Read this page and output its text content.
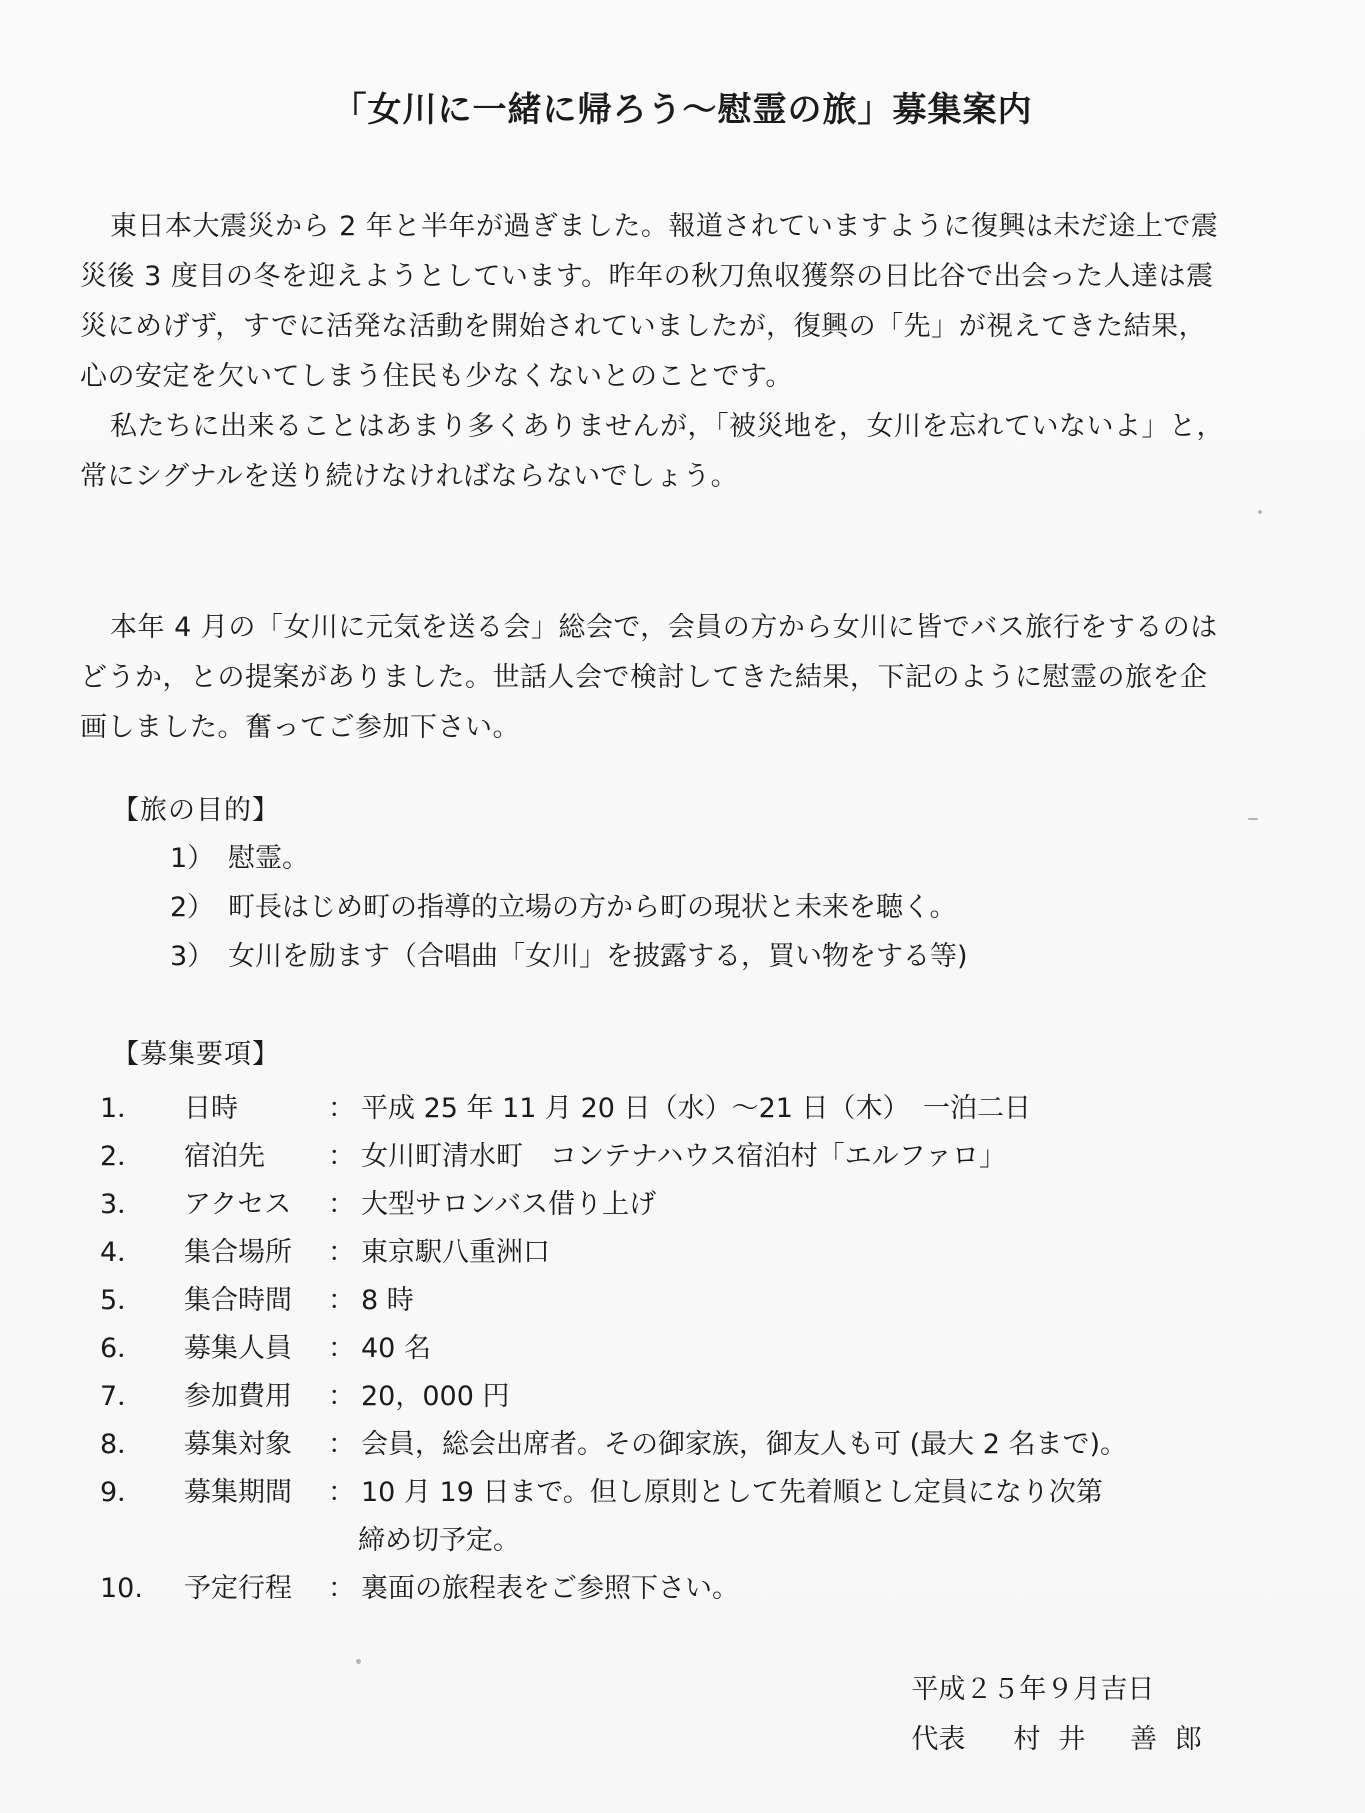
「女川に一緒に帰ろう〜慰霊の旅」募集案内

東日本大震災から 2 年と半年が過ぎました。報道されていますように復興は未だ途上で震災後 3 度目の冬を迎えようとしています。昨年の秋刀魚収獲祭の日比谷で出会った人達は震災にめげず，すでに活発な活動を開始されていましたが，復興の「先」が視えてきた結果，心の安定を欠いてしまう住民も少なくないとのことです。

私たちに出来ることはあまり多くありませんが，「被災地を，女川を忘れていないよ」と，常にシグナルを送り続けなければならないでしょう。

本年 4 月の「女川に元気を送る会」総会で，会員の方から女川に皆でバス旅行をするのはどうか，との提案がありました。世話人会で検討してきた結果，下記のように慰霊の旅を企画しました。奮ってご参加下さい。

【旅の目的】
1） 慰霊。
2） 町長はじめ町の指導的立場の方から町の現状と未来を聴く。
3） 女川を励ます（合唱曲「女川」を披露する，買い物をする等)
【募集要項】
1．	日時	： 平成 25 年 11 月 20 日（水）〜21 日（木）　一泊二日
2．	宿泊先	： 女川町清水町　コンテナハウス宿泊村「エルファロ」
3．	アクセス	： 大型サロンバス借り上げ
4．	集合場所	： 東京駅八重洲口
5．	集合時間	： 8 時
6．	募集人員	： 40 名
7．	参加費用	： 20，000 円
8．	募集対象	： 会員，総会出席者。その御家族，御友人も可 (最大 2 名まで)。
9．	募集期間	： 10 月 19 日まで。但し原則として先着順とし定員になり次第
締め切予定。
10.	予定行程	： 裏面の旅程表をご参照下さい。
平成２５年９月吉日
代表 村井 善郎
